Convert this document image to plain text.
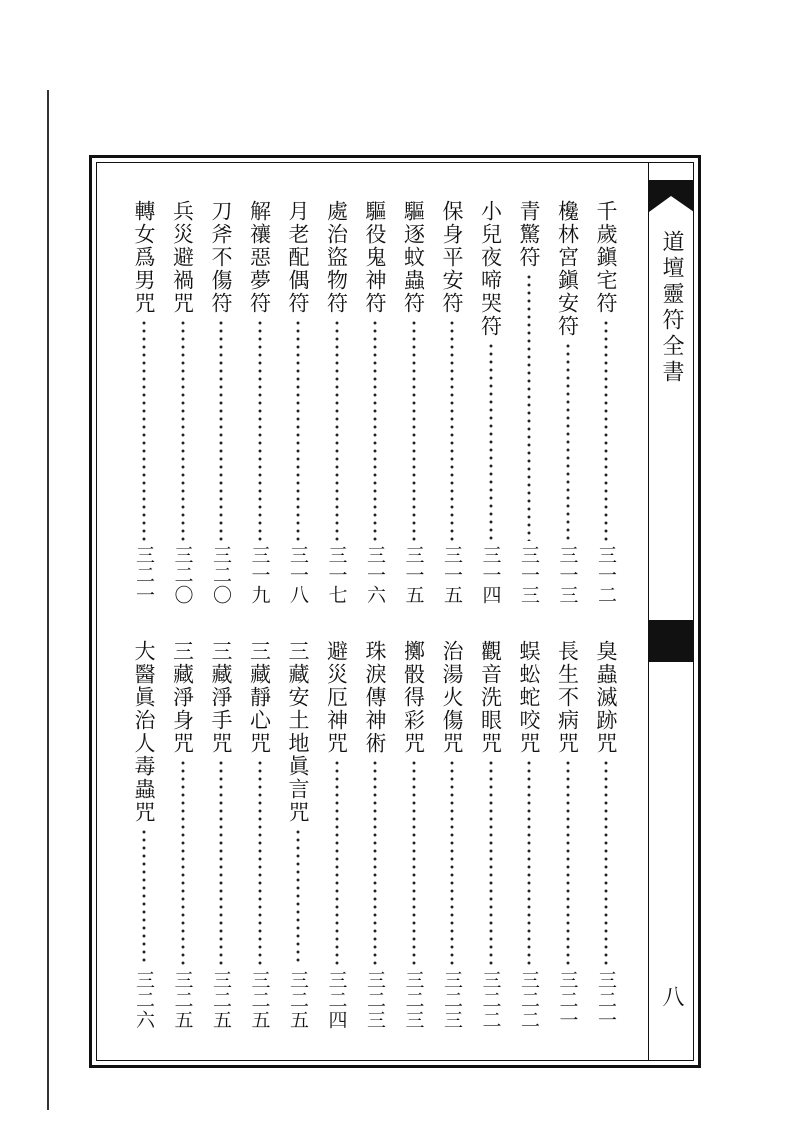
道壇靈符全書
八
千歲鎭宅符
三一二
欃林宮鎭安符
三一三
青驚符
三一三
小兒夜啼哭符
三一四
保身平安符
三一五
驅逐蚊蟲符
三一五
驅役鬼神符
三一六
處治盜物符
三一七
月老配偶符
三一八
解禳惡夢符
三一九
刀斧不傷符
三二〇
兵災避禍咒
三二〇
轉女爲男咒
三二一
臭蟲滅跡咒
三二一
長生不病咒
三二一
蜈蚣蛇咬咒
三二二
觀音洗眼咒
三二二
治湯火傷咒
三二三
擲骰得彩咒
三二三
珠淚傳神術
三二三
避災厄神咒
三二四
三藏安土地眞言咒
三二五
三藏靜心咒
三二五
三藏淨手咒
三二五
三藏淨身咒
三二五
大醫眞治人毒蟲咒
三二六
